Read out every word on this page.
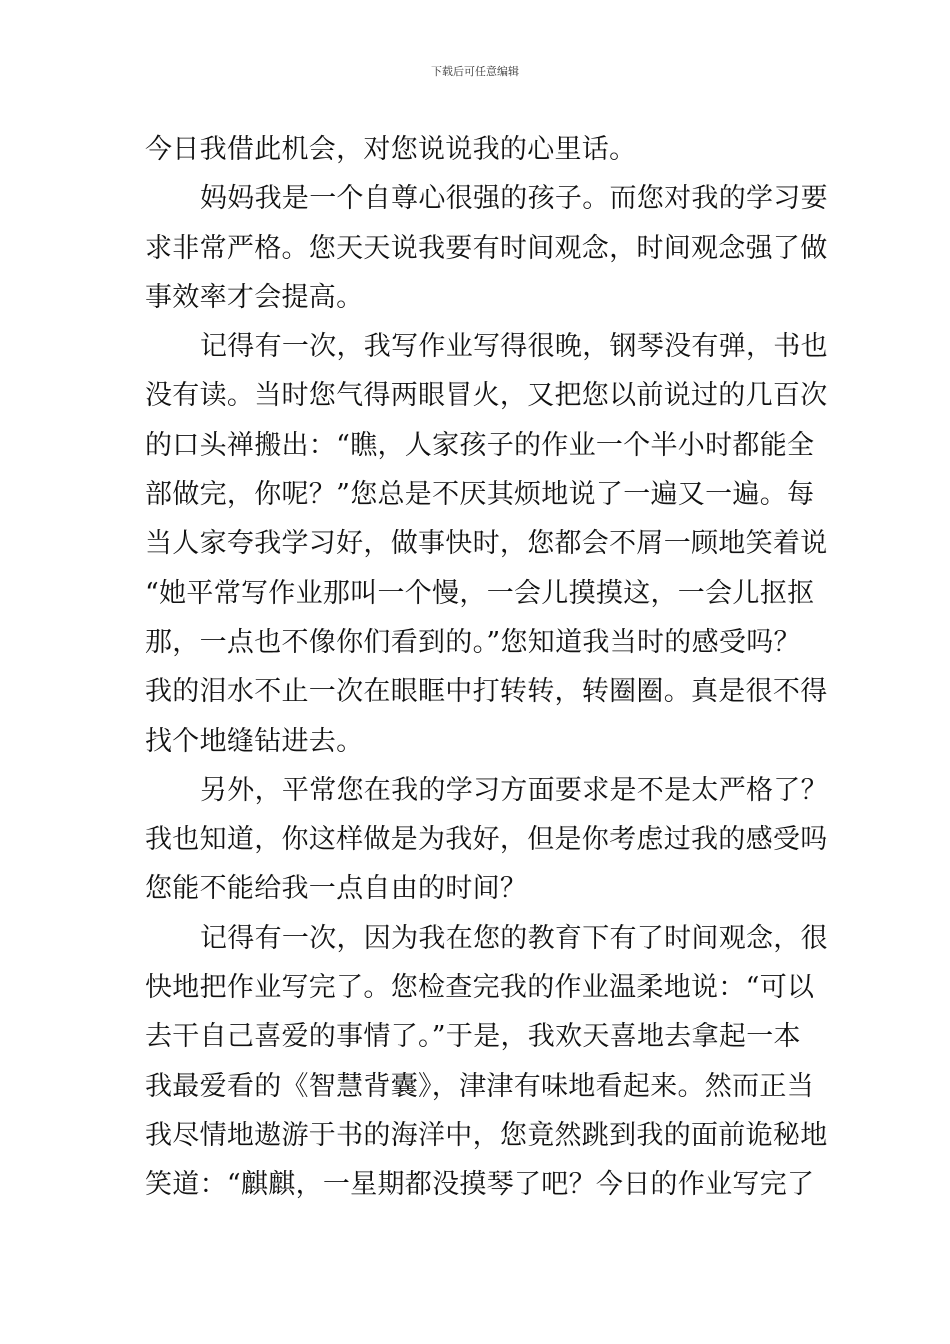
下载后可任意编辑
今日我借此机会，对您说说我的心里话。
妈妈我是一个自尊心很强的孩子。而您对我的学习要
求非常严格。您天天说我要有时间观念，时间观念强了做
事效率才会提高。
记得有一次，我写作业写得很晚，钢琴没有弹，书也
没有读。当时您气得两眼冒火，又把您以前说过的几百次
的口头禅搬出：“瞧，人家孩子的作业一个半小时都能全
部做完，你呢？”您总是不厌其烦地说了一遍又一遍。每
当人家夸我学习好，做事快时，您都会不屑一顾地笑着说
“她平常写作业那叫一个慢，一会儿摸摸这，一会儿抠抠
那，一点也不像你们看到的。”您知道我当时的感受吗？
我的泪水不止一次在眼眶中打转转，转圈圈。真是很不得
找个地缝钻进去。
另外，平常您在我的学习方面要求是不是太严格了？
我也知道，你这样做是为我好，但是你考虑过我的感受吗
您能不能给我一点自由的时间？
记得有一次，因为我在您的教育下有了时间观念，很
快地把作业写完了。您检查完我的作业温柔地说：“可以
去干自己喜爱的事情了。”于是，我欢天喜地去拿起一本
我最爱看的《智慧背囊》，津津有味地看起来。然而正当
我尽情地遨游于书的海洋中，您竟然跳到我的面前诡秘地
笑道：“麒麒，一星期都没摸琴了吧？今日的作业写完了
